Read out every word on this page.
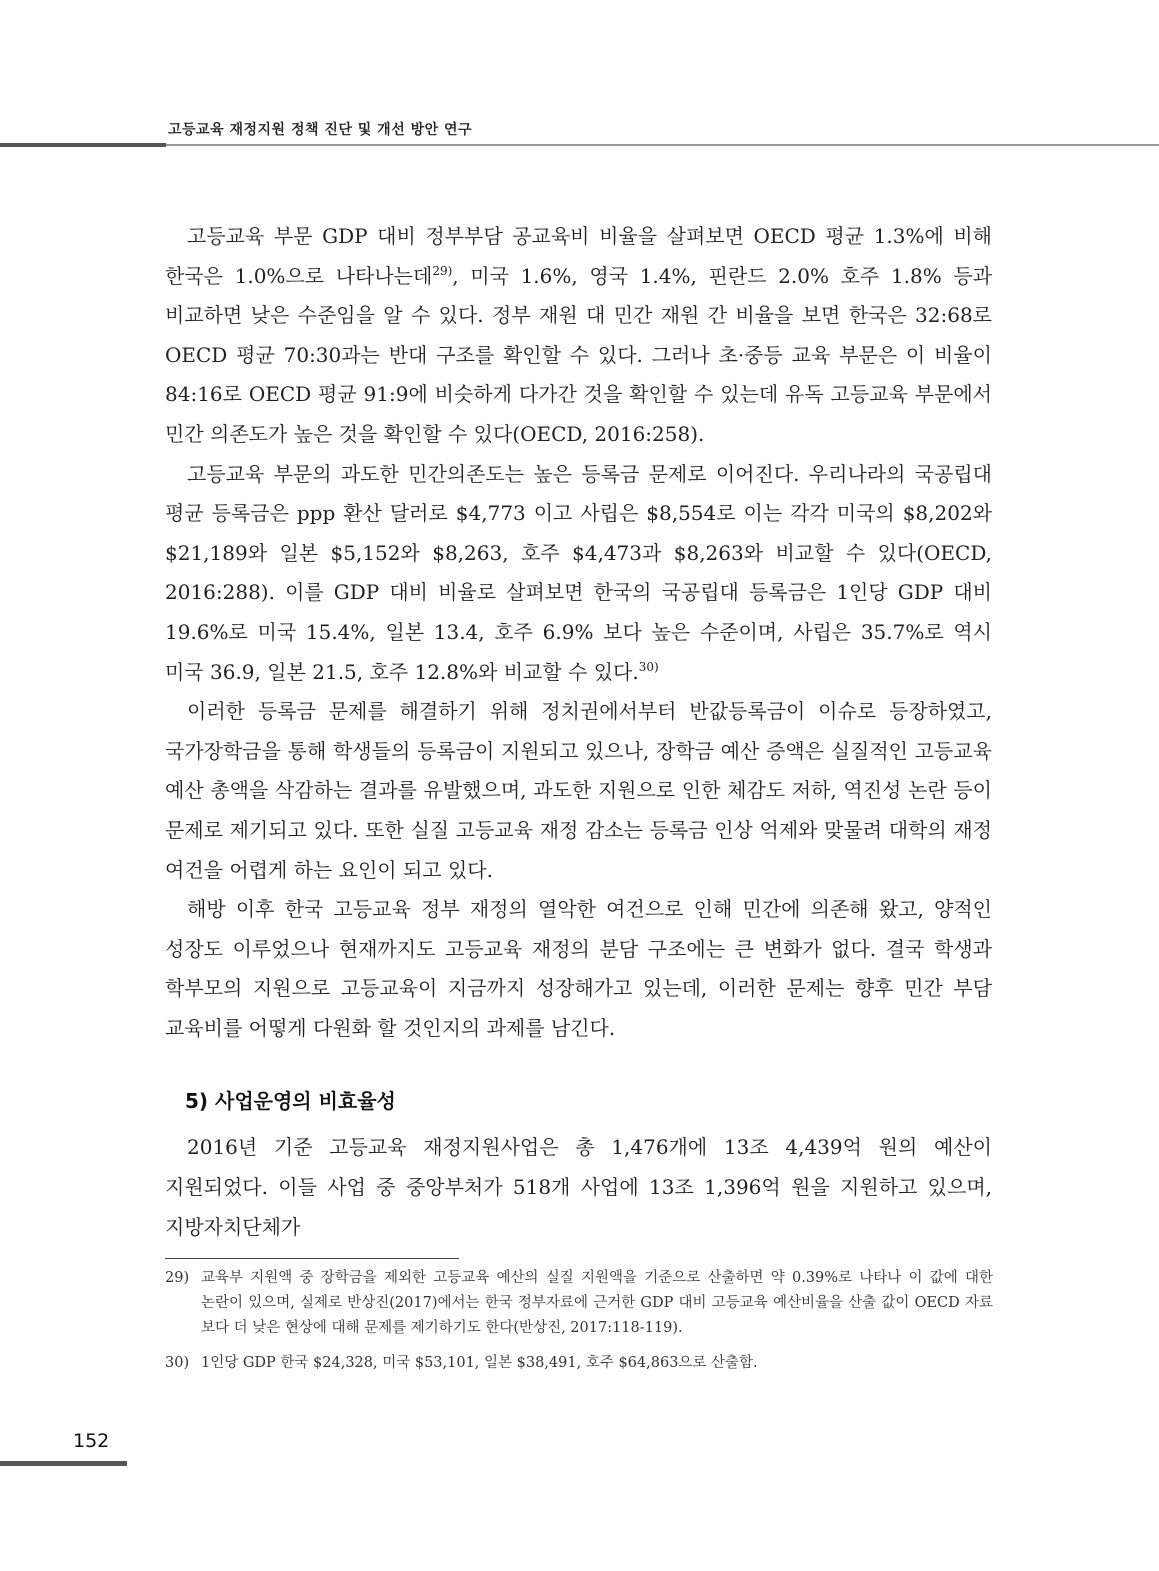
고등교육 재정지원 정책 진단 및 개선 방안 연구

고등교육 부문 GDP 대비 정부부담 공교육비 비율을 살펴보면 OECD 평균 1.3%에 비해 한국은 1.0%으로 나타나는데$^{29)}$, 미국 1.6%, 영국 1.4%, 핀란드 2.0% 호주 1.8% 등과 비교하면 낮은 수준임을 알 수 있다. 정부 재원 대 민간 재원 간 비율을 보면 한국은 32:68로 OECD 평균 70:30과는 반대 구조를 확인할 수 있다. 그러나 초·중등 교육 부문은 이 비율이 84:16로 OECD 평균 91:9에 비슷하게 다가간 것을 확인할 수 있는데 유독 고등교육 부문에서 민간 의존도가 높은 것을 확인할 수 있다(OECD, 2016:258).

고등교육 부문의 과도한 민간의존도는 높은 등록금 문제로 이어진다. 우리나라의 국공립대 평균 등록금은 ppp 환산 달러로 $4,773 이고 사립은 $8,554로 이는 각각 미국의 $8,202와 $21,189와 일본 $5,152와 $8,263, 호주 $4,473과 $8,263와 비교할 수 있다(OECD, 2016:288). 이를 GDP 대비 비율로 살펴보면 한국의 국공립대 등록금은 1인당 GDP 대비 19.6%로 미국 15.4%, 일본 13.4, 호주 6.9% 보다 높은 수준이며, 사립은 35.7%로 역시 미국 36.9, 일본 21.5, 호주 12.8%와 비교할 수 있다.$^{30)}$

이러한 등록금 문제를 해결하기 위해 정치권에서부터 반값등록금이 이슈로 등장하였고, 국가장학금을 통해 학생들의 등록금이 지원되고 있으나, 장학금 예산 증액은 실질적인 고등교육 예산 총액을 삭감하는 결과를 유발했으며, 과도한 지원으로 인한 체감도 저하, 역진성 논란 등이 문제로 제기되고 있다. 또한 실질 고등교육 재정 감소는 등록금 인상 억제와 맞물려 대학의 재정 여건을 어렵게 하는 요인이 되고 있다.

해방 이후 한국 고등교육 정부 재정의 열악한 여건으로 인해 민간에 의존해 왔고, 양적인 성장도 이루었으나 현재까지도 고등교육 재정의 분담 구조에는 큰 변화가 없다. 결국 학생과 학부모의 지원으로 고등교육이 지금까지 성장해가고 있는데, 이러한 문제는 향후 민간 부담 교육비를 어떻게 다원화 할 것인지의 과제를 남긴다.

5) 사업운영의 비효율성

2016년 기준 고등교육 재정지원사업은 총 1,476개에 13조 4,439억 원의 예산이 지원되었다. 이들 사업 중 중앙부처가 518개 사업에 13조 1,396억 원을 지원하고 있으며, 지방자치단체가

29) 교육부 지원액 중 장학금을 제외한 고등교육 예산의 실질 지원액을 기준으로 산출하면 약 0.39%로 나타나 이 값에 대한 논란이 있으며, 실제로 반상진(2017)에서는 한국 정부자료에 근거한 GDP 대비 고등교육 예산비율을 산출 값이 OECD 자료 보다 더 낮은 현상에 대해 문제를 제기하기도 한다(반상진, 2017:118-119).
30) 1인당 GDP 한국 $24,328, 미국 $53,101, 일본 $38,491, 호주 $64,863으로 산출함.
152
